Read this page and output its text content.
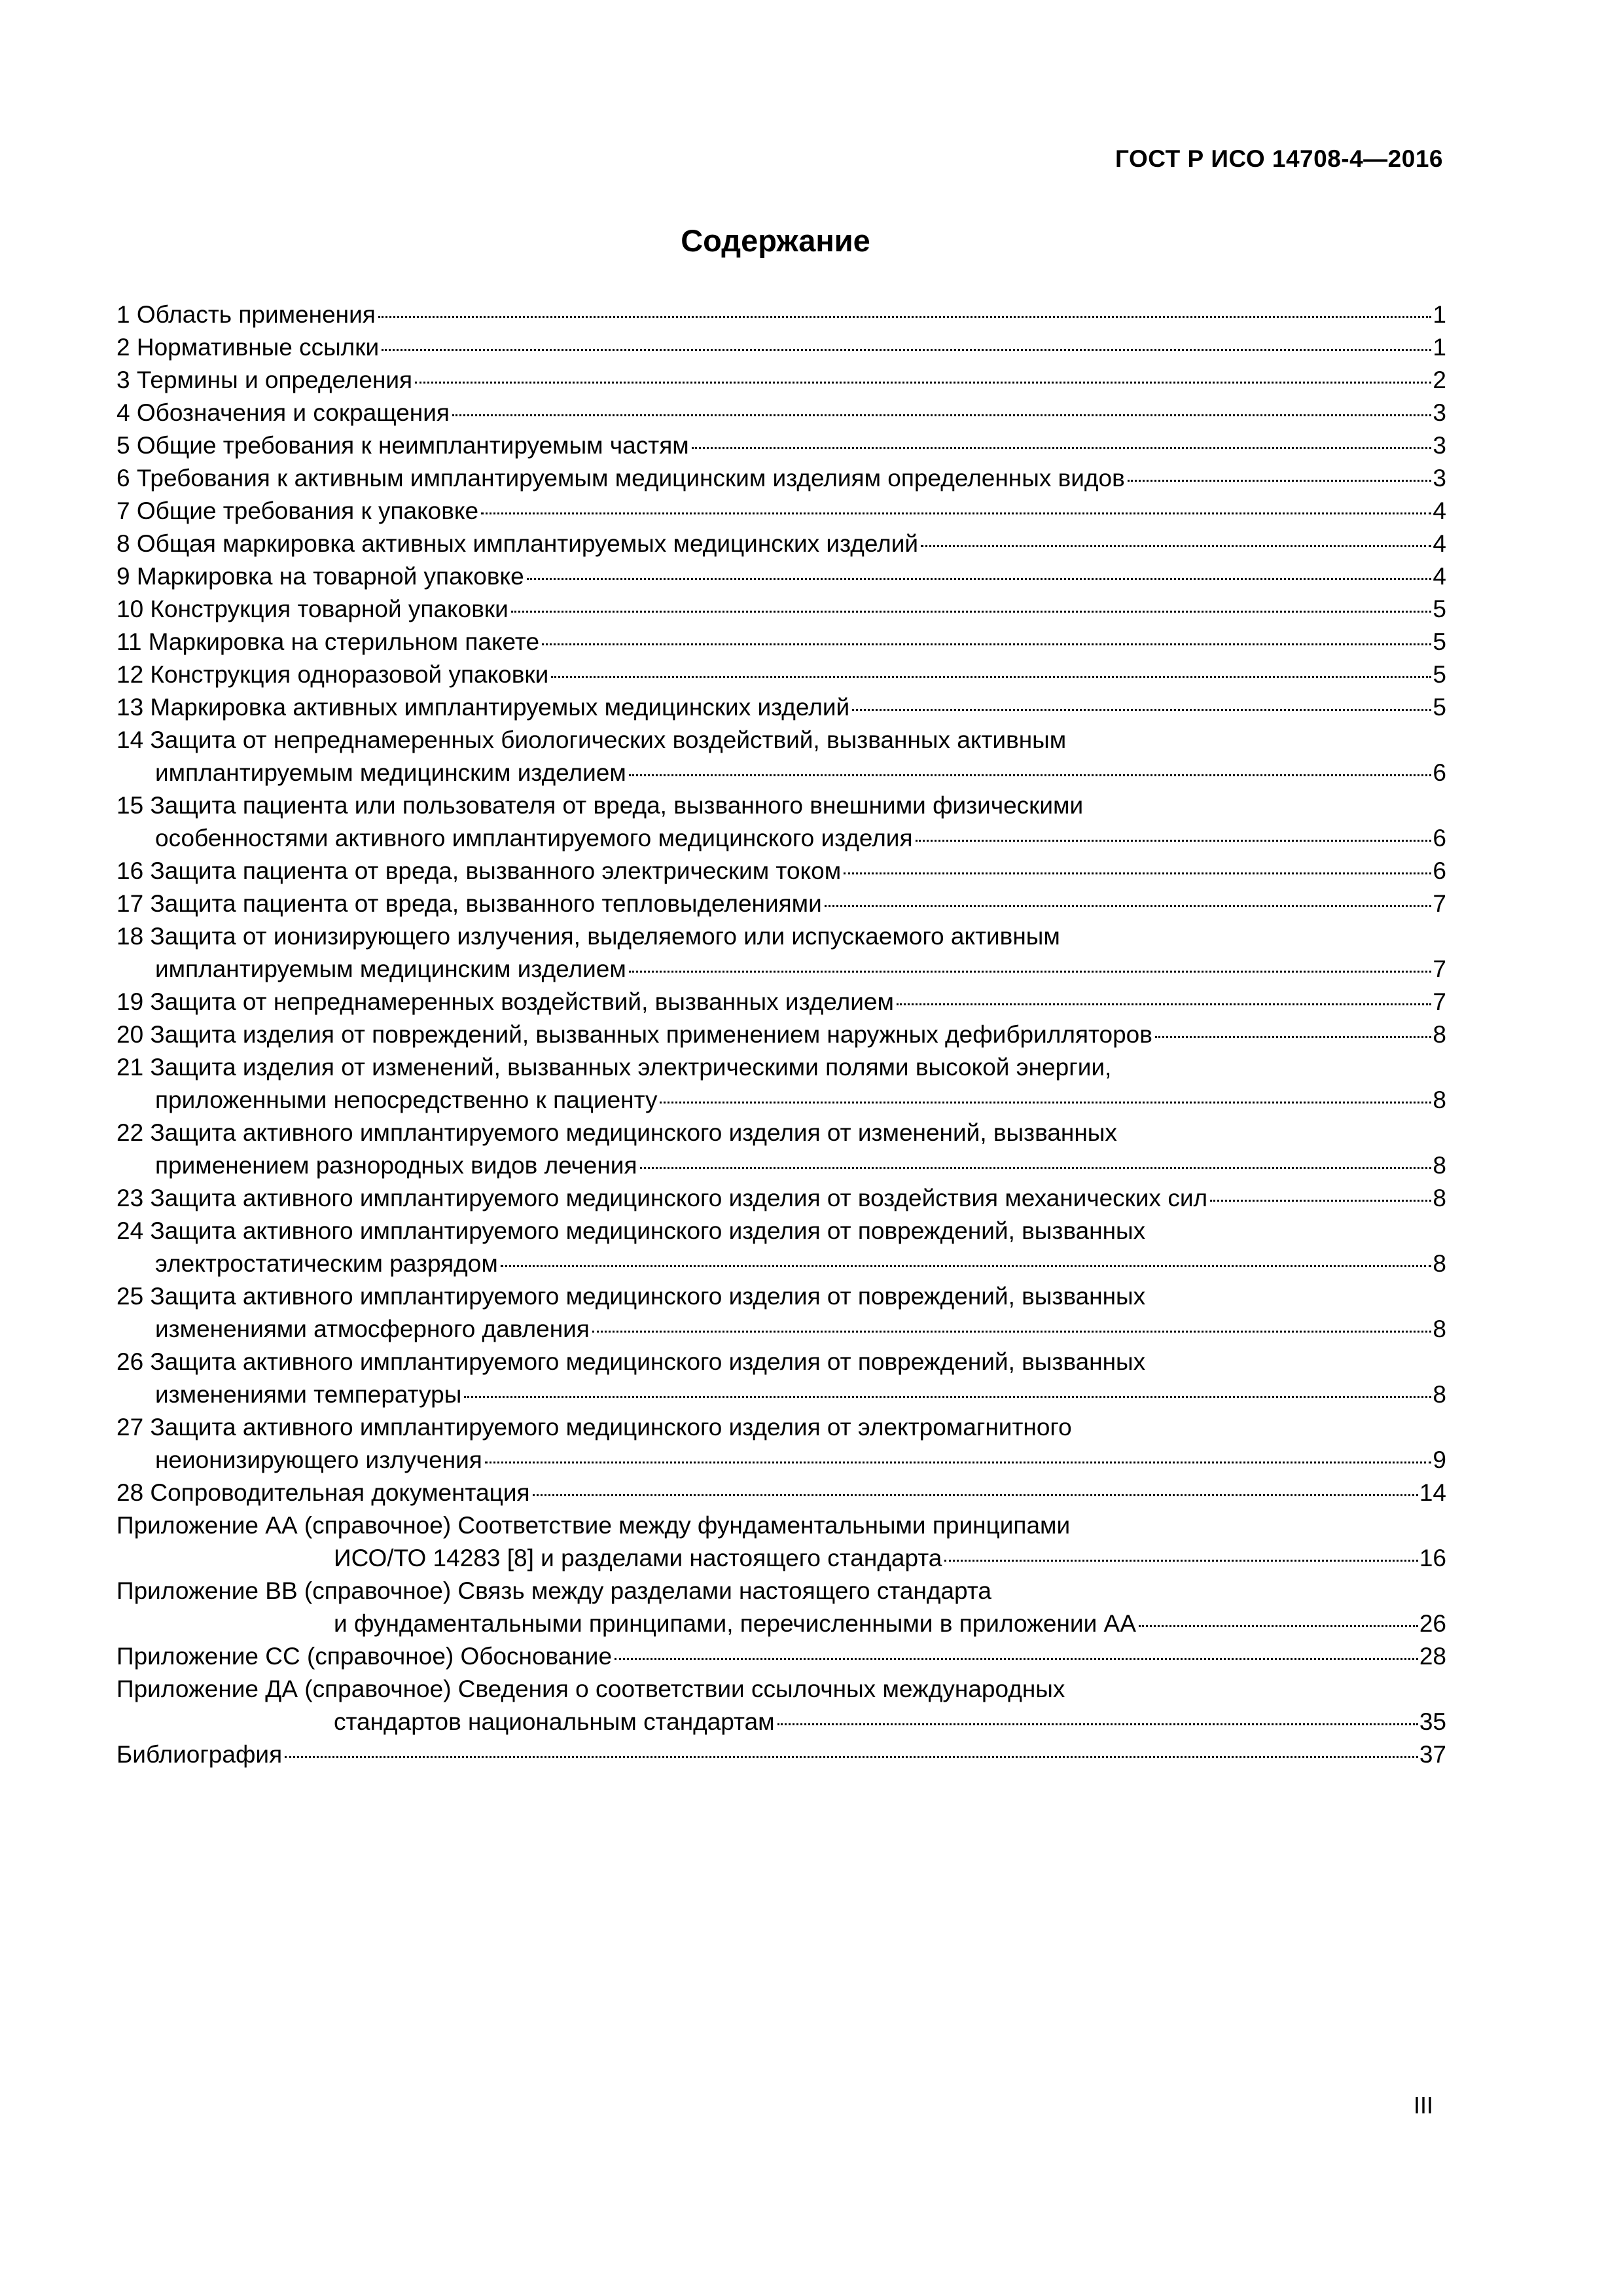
ГОСТ Р ИСО 14708-4—2016
Содержание
1 Область применения	1
2 Нормативные ссылки	1
3 Термины и определения	2
4 Обозначения и сокращения	3
5 Общие требования к неимплантируемым частям	3
6 Требования к активным имплантируемым медицинским изделиям определенных видов	3
7 Общие требования к упаковке	4
8 Общая маркировка активных имплантируемых медицинских изделий	4
9 Маркировка на товарной упаковке	4
10 Конструкция товарной упаковки	5
11 Маркировка на стерильном пакете	5
12 Конструкция одноразовой упаковки	5
13 Маркировка активных имплантируемых медицинских изделий	5
14 Защита от непреднамеренных биологических воздействий, вызванных активным
имплантируемым медицинским изделием	6
15 Защита пациента или пользователя от вреда, вызванного внешними физическими
особенностями активного имплантируемого медицинского изделия	6
16 Защита пациента от вреда, вызванного электрическим током	6
17 Защита пациента от вреда, вызванного тепловыделениями	7
18 Защита от ионизирующего излучения, выделяемого или испускаемого активным
имплантируемым медицинским изделием	7
19 Защита от непреднамеренных воздействий, вызванных изделием	7
20 Защита изделия от повреждений, вызванных применением наружных дефибрилляторов	8
21 Защита изделия от изменений, вызванных электрическими полями высокой энергии,
приложенными непосредственно к пациенту	8
22 Защита активного имплантируемого медицинского изделия от изменений, вызванных
применением разнородных видов лечения	8
23 Защита активного имплантируемого медицинского изделия от воздействия механических сил	8
24 Защита активного имплантируемого медицинского изделия от повреждений, вызванных
электростатическим разрядом	8
25 Защита активного имплантируемого медицинского изделия от повреждений, вызванных
изменениями атмосферного давления	8
26 Защита активного имплантируемого медицинского изделия от повреждений, вызванных
изменениями температуры	8
27 Защита активного имплантируемого медицинского изделия от электромагнитного
неионизирующего излучения	9
28 Сопроводительная документация	14
Приложение АА (справочное) Соответствие между фундаментальными принципами
ИСО/ТО 14283 [8] и разделами настоящего стандарта	16
Приложение ВВ (справочное) Связь между разделами настоящего стандарта
и фундаментальными принципами, перечисленными в приложении АА	26
Приложение СС (справочное) Обоснование	28
Приложение ДА (справочное) Сведения о соответствии ссылочных международных
стандартов национальным стандартам	35
Библиография	37
III
